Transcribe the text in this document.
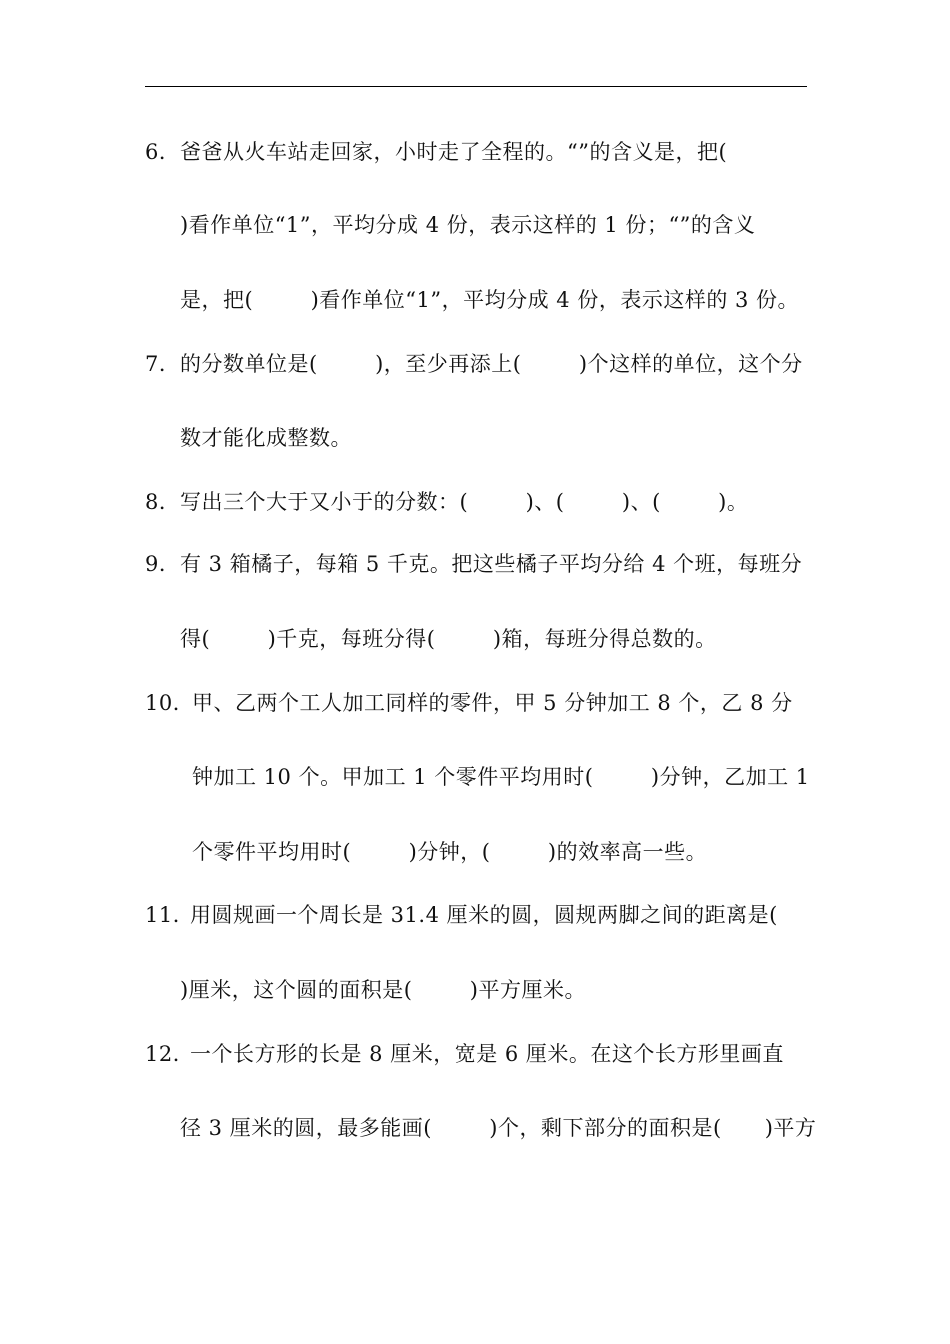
6． 爸爸从火车站走回家，小时走了全程的。“”的含义是，把(
)看作单位“1”，平均分成 4 份，表示这样的 1 份；“”的含义
是，把(        )看作单位“1”，平均分成 4 份，表示这样的 3 份。
7． 的分数单位是(        )，至少再添上(        )个这样的单位，这个分
数才能化成整数。
8． 写出三个大于又小于的分数：(        )、(        )、(        )。
9． 有 3 箱橘子，每箱 5 千克。把这些橘子平均分给 4 个班，每班分
得(        )千克，每班分得(        )箱，每班分得总数的。
10．
甲、乙两个工人加工同样的零件，甲 5 分钟加工 8 个，乙 8 分
钟加工 10 个。甲加工 1 个零件平均用时(        )分钟，乙加工 1
个零件平均用时(        )分钟，(        )的效率高一些。
11．
用圆规画一个周长是 31.4 厘米的圆，圆规两脚之间的距离是(
)厘米，这个圆的面积是(        )平方厘米。
12．
一个长方形的长是 8 厘米，宽是 6 厘米。在这个长方形里画直
径 3 厘米的圆，最多能画(        )个，剩下部分的面积是(      )平方
